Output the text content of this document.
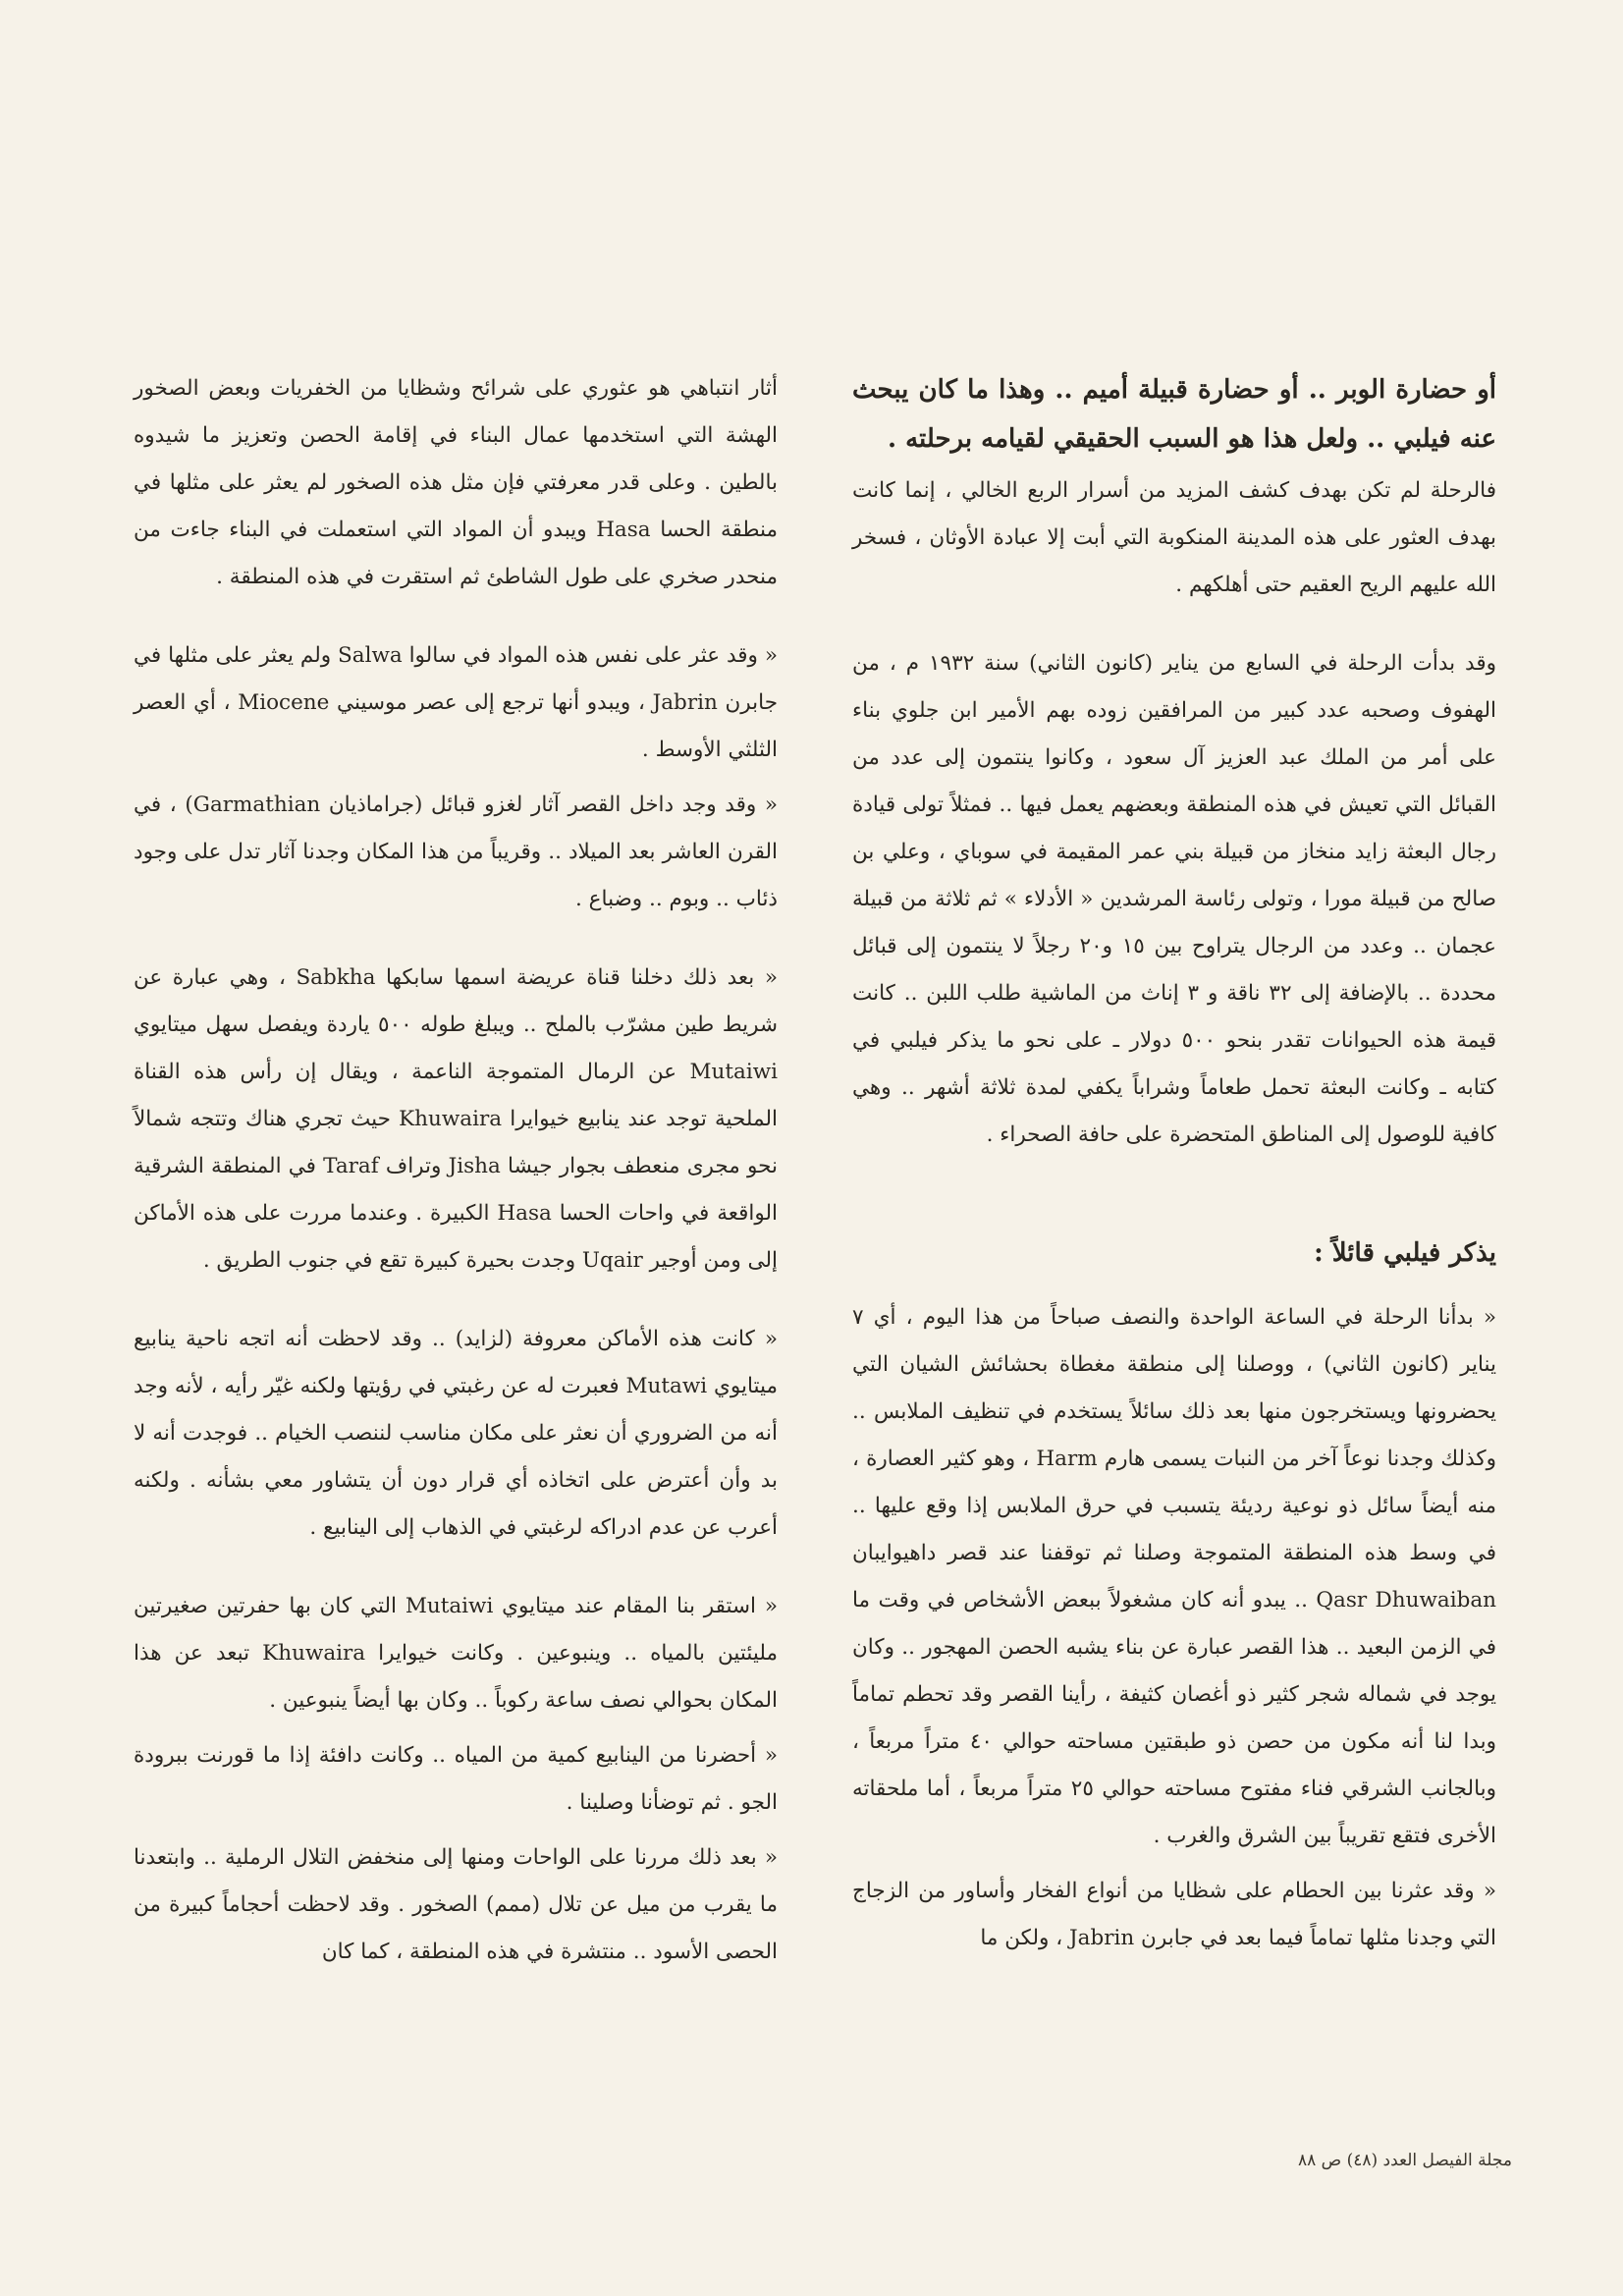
أو حضارة الوبر .. أو حضارة قبيلة أميم .. وهذا ما كان يبحث عنه فيلبي .. ولعل هذا هو السبب الحقيقي لقيامه برحلته .

فالرحلة لم تكن بهدف كشف المزيد من أسرار الربع الخالي ، إنما كانت بهدف العثور على هذه المدينة المنكوبة التي أبت إلا عبادة الأوثان ، فسخر الله عليهم الريح العقيم حتى أهلكهم .

وقد بدأت الرحلة في السابع من يناير (كانون الثاني) سنة ١٩٣٢ م ، من الهفوف وصحبه عدد كبير من المرافقين زوده بهم الأمير ابن جلوي بناء على أمر من الملك عبد العزيز آل سعود ، وكانوا ينتمون إلى عدد من القبائل التي تعيش في هذه المنطقة وبعضهم يعمل فيها .. فمثلاً تولى قيادة رجال البعثة زايد منخاز من قبيلة بني عمر المقيمة في سوباي ، وعلي بن صالح من قبيلة مورا ، وتولى رئاسة المرشدين « الأدلاء » ثم ثلاثة من قبيلة عجمان .. وعدد من الرجال يتراوح بين ١٥ و٢٠ رجلاً لا ينتمون إلى قبائل محددة .. بالإضافة إلى ٣٢ ناقة و ٣ إناث من الماشية طلب اللبن .. كانت قيمة هذه الحيوانات تقدر بنحو ٥٠٠ دولار ـ على نحو ما يذكر فيلبي في كتابه ـ وكانت البعثة تحمل طعاماً وشراباً يكفي لمدة ثلاثة أشهر .. وهي كافية للوصول إلى المناطق المتحضرة على حافة الصحراء .

يذكر فيلبي قائلاً :

« بدأنا الرحلة في الساعة الواحدة والنصف صباحاً من هذا اليوم ، أي ٧ يناير (كانون الثاني) ، ووصلنا إلى منطقة مغطاة بحشائش الشيان التي يحضرونها ويستخرجون منها بعد ذلك سائلاً يستخدم في تنظيف الملابس .. وكذلك وجدنا نوعاً آخر من النبات يسمى هارم Harm ، وهو كثير العصارة ، منه أيضاً سائل ذو نوعية رديئة يتسبب في حرق الملابس إذا وقع عليها .. في وسط هذه المنطقة المتموجة وصلنا ثم توقفنا عند قصر داهيوايبان Qasr Dhuwaiban .. يبدو أنه كان مشغولاً ببعض الأشخاص في وقت ما في الزمن البعيد .. هذا القصر عبارة عن بناء يشبه الحصن المهجور .. وكان يوجد في شماله شجر كثير ذو أغصان كثيفة ، رأينا القصر وقد تحطم تماماً وبدا لنا أنه مكون من حصن ذو طبقتين مساحته حوالي ٤٠ متراً مربعاً ، وبالجانب الشرقي فناء مفتوح مساحته حوالي ٢٥ متراً مربعاً ، أما ملحقاته الأخرى فتقع تقريباً بين الشرق والغرب .

« وقد عثرنا بين الحطام على شظايا من أنواع الفخار وأساور من الزجاج التي وجدنا مثلها تماماً فيما بعد في جابرن Jabrin ، ولكن ما

أثار انتباهي هو عثوري على شرائح وشظايا من الخفريات وبعض الصخور الهشة التي استخدمها عمال البناء في إقامة الحصن وتعزيز ما شيدوه بالطين . وعلى قدر معرفتي فإن مثل هذه الصخور لم يعثر على مثلها في منطقة الحسا Hasa ويبدو أن المواد التي استعملت في البناء جاءت من منحدر صخري على طول الشاطئ ثم استقرت في هذه المنطقة .

« وقد عثر على نفس هذه المواد في سالوا Salwa ولم يعثر على مثلها في جابرن Jabrin ، ويبدو أنها ترجع إلى عصر موسيني Miocene ، أي العصر الثلثي الأوسط .

« وقد وجد داخل القصر آثار لغزو قبائل (جراماذيان Garmathian) ، في القرن العاشر بعد الميلاد .. وقريباً من هذا المكان وجدنا آثار تدل على وجود ذئاب .. وبوم .. وضباع .

« بعد ذلك دخلنا قناة عريضة اسمها سابكها Sabkha ، وهي عبارة عن شريط طين مشرّب بالملح .. ويبلغ طوله ٥٠٠ ياردة ويفصل سهل ميتايوي Mutaiwi عن الرمال المتموجة الناعمة ، ويقال إن رأس هذه القناة الملحية توجد عند ينابيع خيوايرا Khuwaira حيث تجري هناك وتتجه شمالاً نحو مجرى منعطف بجوار جيشا Jisha وتراف Taraf في المنطقة الشرقية الواقعة في واحات الحسا Hasa الكبيرة . وعندما مررت على هذه الأماكن إلى ومن أوجير Uqair وجدت بحيرة كبيرة تقع في جنوب الطريق .

« كانت هذه الأماكن معروفة (لزايد) .. وقد لاحظت أنه اتجه ناحية ينابيع ميتايوي Mutawi فعبرت له عن رغبتي في رؤيتها ولكنه غيّر رأيه ، لأنه وجد أنه من الضروري أن نعثر على مكان مناسب لننصب الخيام .. فوجدت أنه لا بد وأن أعترض على اتخاذه أي قرار دون أن يتشاور معي بشأنه . ولكنه أعرب عن عدم ادراكه لرغبتي في الذهاب إلى الينابيع .

« استقر بنا المقام عند ميتايوي Mutaiwi التي كان بها حفرتين صغيرتين مليئتين بالمياه .. وينبوعين . وكانت خيوايرا Khuwaira تبعد عن هذا المكان بحوالي نصف ساعة ركوباً .. وكان بها أيضاً ينبوعين .

« أحضرنا من الينابيع كمية من المياه .. وكانت دافئة إذا ما قورنت ببرودة الجو . ثم توضأنا وصلينا .

« بعد ذلك مررنا على الواحات ومنها إلى منخفض التلال الرملية .. وابتعدنا ما يقرب من ميل عن تلال (ممم) الصخور . وقد لاحظت أحجاماً كبيرة من الحصى الأسود .. منتشرة في هذه المنطقة ، كما كان

مجلة الفيصل العدد (٤٨) ص ٨٨
